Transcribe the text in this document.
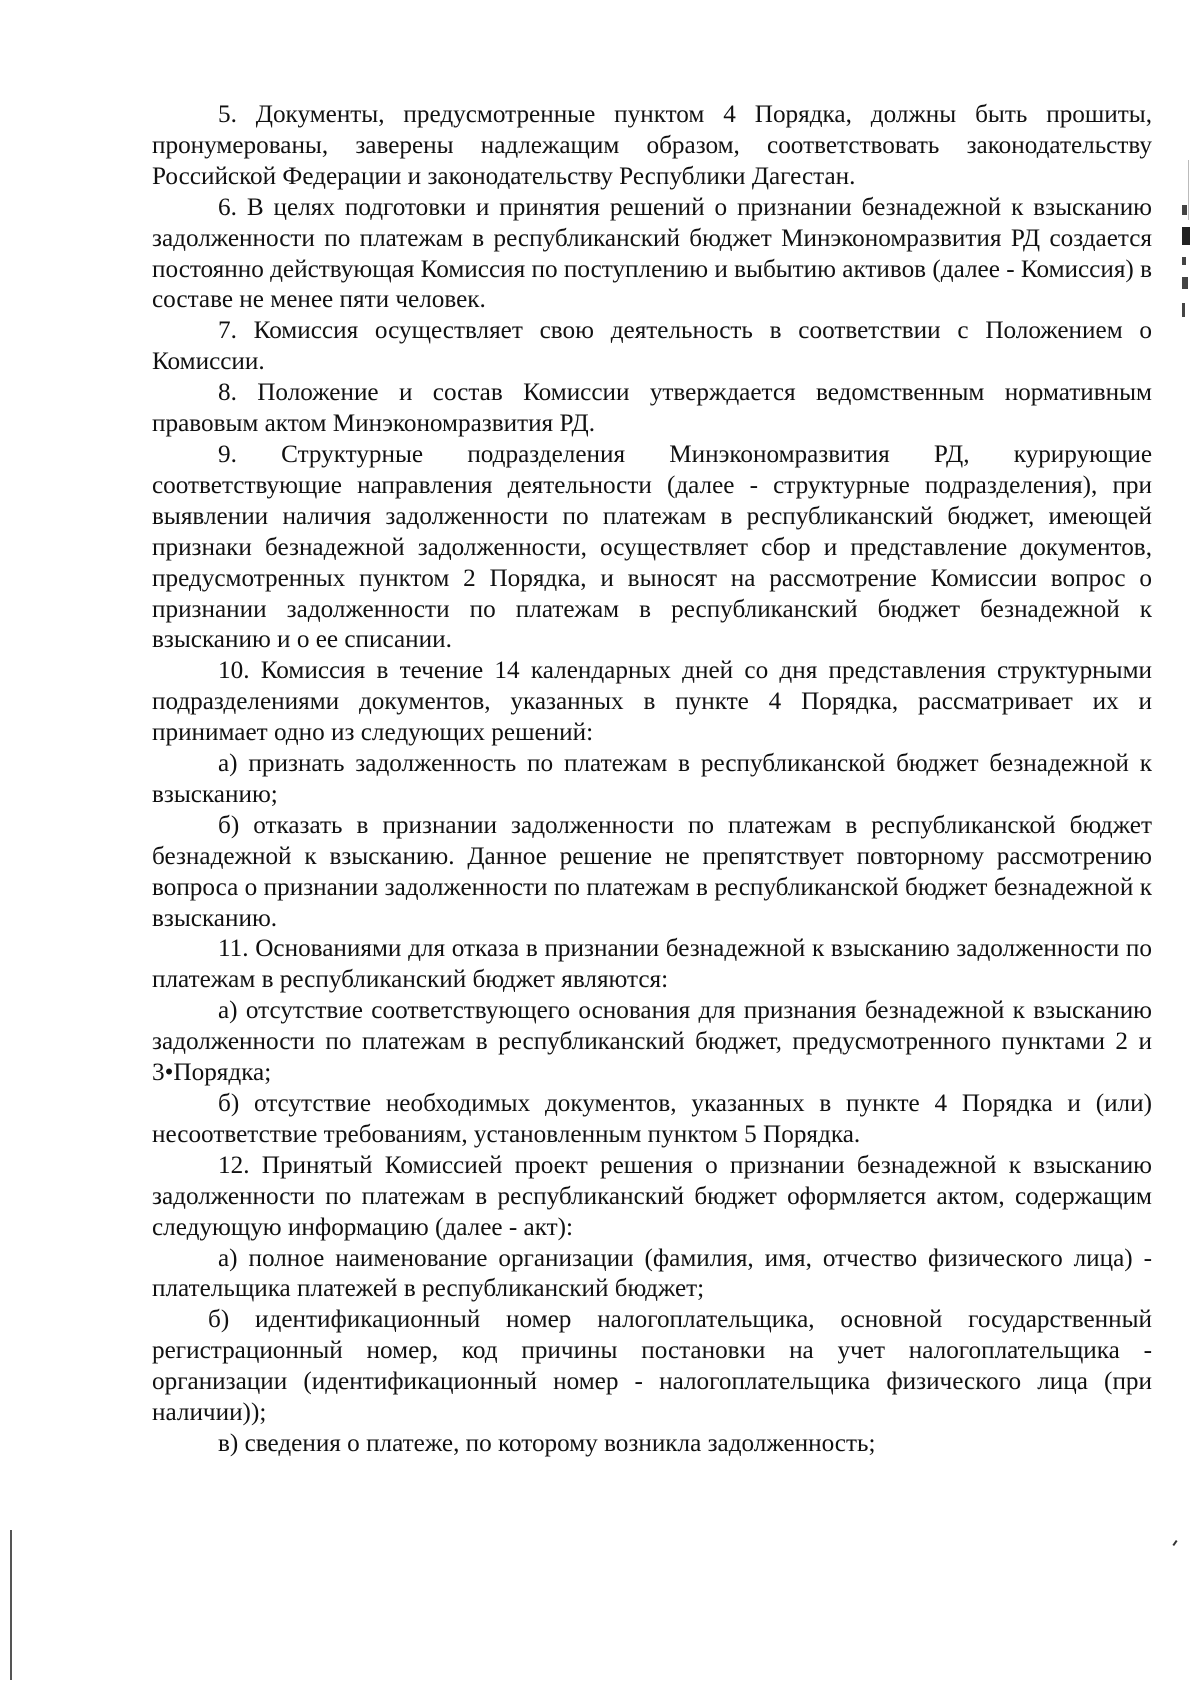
5. Документы, предусмотренные пунктом 4 Порядка, должны быть прошиты, пронумерованы, заверены надлежащим образом, соответствовать законодательству Российской Федерации и законодательству Республики Дагестан.

6. В целях подготовки и принятия решений о признании безнадежной к взысканию задолженности по платежам в республиканский бюджет Минэкономразвития РД создается постоянно действующая Комиссия по поступлению и выбытию активов (далее - Комиссия) в составе не менее пяти человек.

7. Комиссия осуществляет свою деятельность в соответствии с Положением о Комиссии.

8. Положение и состав Комиссии утверждается ведомственным нормативным правовым актом Минэкономразвития РД.

9. Структурные подразделения Минэкономразвития РД, курирующие соответствующие направления деятельности (далее - структурные подразделения), при выявлении наличия задолженности по платежам в республиканский бюджет, имеющей признаки безнадежной задолженности, осуществляет сбор и представление документов, предусмотренных пунктом 2 Порядка, и выносят на рассмотрение Комиссии вопрос о признании задолженности по платежам в республиканский бюджет безнадежной к взысканию и о ее списании.

10. Комиссия в течение 14 календарных дней со дня представления структурными подразделениями документов, указанных в пункте 4 Порядка, рассматривает их и принимает одно из следующих решений:

а) признать задолженность по платежам в республиканской бюджет безнадежной к взысканию;

б) отказать в признании задолженности по платежам в республиканской бюджет безнадежной к взысканию. Данное решение не препятствует повторному рассмотрению вопроса о признании задолженности по платежам в республиканской бюджет безнадежной к взысканию.

11. Основаниями для отказа в признании безнадежной к взысканию задолженности по платежам в республиканский бюджет являются:

а) отсутствие соответствующего основания для признания безнадежной к взысканию задолженности по платежам в республиканский бюджет, предусмотренного пунктами 2 и 3•Порядка;

б) отсутствие необходимых документов, указанных в пункте 4 Порядка и (или) несоответствие требованиям, установленным пунктом 5 Порядка.

12. Принятый Комиссией проект решения о признании безнадежной к взысканию задолженности по платежам в республиканский бюджет оформляется актом, содержащим следующую информацию (далее - акт):

а) полное наименование организации (фамилия, имя, отчество физического лица) - плательщика платежей в республиканский бюджет;

б) идентификационный номер налогоплательщика, основной государственный регистрационный номер, код причины постановки на учет налогоплательщика - организации (идентификационный номер - налогоплательщика физического лица (при наличии));

в) сведения о платеже, по которому возникла задолженность;
